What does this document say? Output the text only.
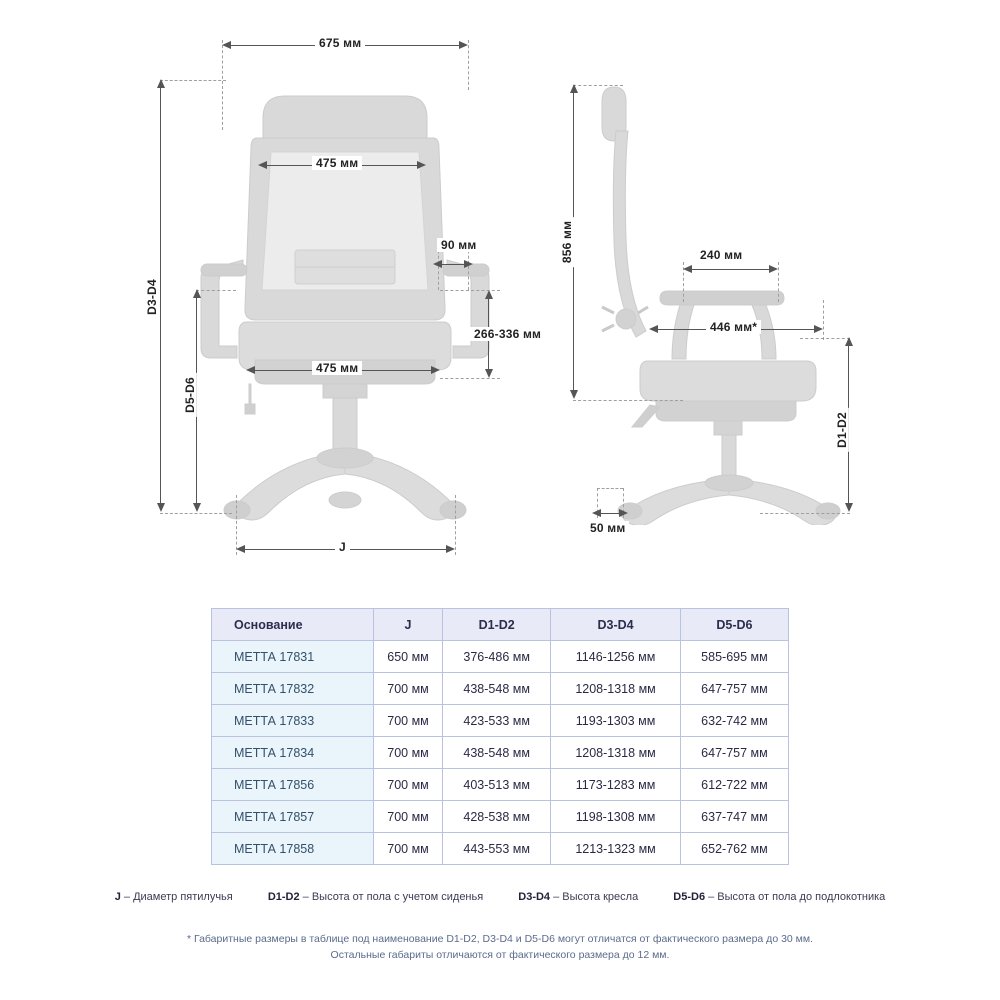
675 мм
475 мм
90 мм
266-336 мм
475 мм
D3-D4
D5-D6
J
856 мм	240 мм
446 мм*
D1-D2
50 мм
Основание	J	D1-D2	D3-D4	D5-D6
МЕТТА 17831	650 мм	376-486 мм	1146-1256 мм	585-695 мм
МЕТТА 17832	700 мм	438-548 мм	1208-1318 мм	647-757 мм
МЕТТА 17833	700 мм	423-533 мм	1193-1303 мм	632-742 мм
МЕТТА 17834	700 мм	438-548 мм	1208-1318 мм	647-757 мм
МЕТТА 17856	700 мм	403-513 мм	1173-1283 мм	612-722 мм
МЕТТА 17857	700 мм	428-538 мм	1198-1308 мм	637-747 мм
МЕТТА 17858	700 мм	443-553 мм	1213-1323 мм	652-762 мм
J – Диаметр пятилучья	D1-D2 – Высота от пола с учетом сиденья	D3-D4 – Высота кресла	D5-D6 – Высота от пола до подлокотника
* Габаритные размеры в таблице под наименование D1-D2, D3-D4 и D5-D6 могут отличатся от фактического размера до 30 мм.
Остальные габариты отличаются от фактического размера до 12 мм.
